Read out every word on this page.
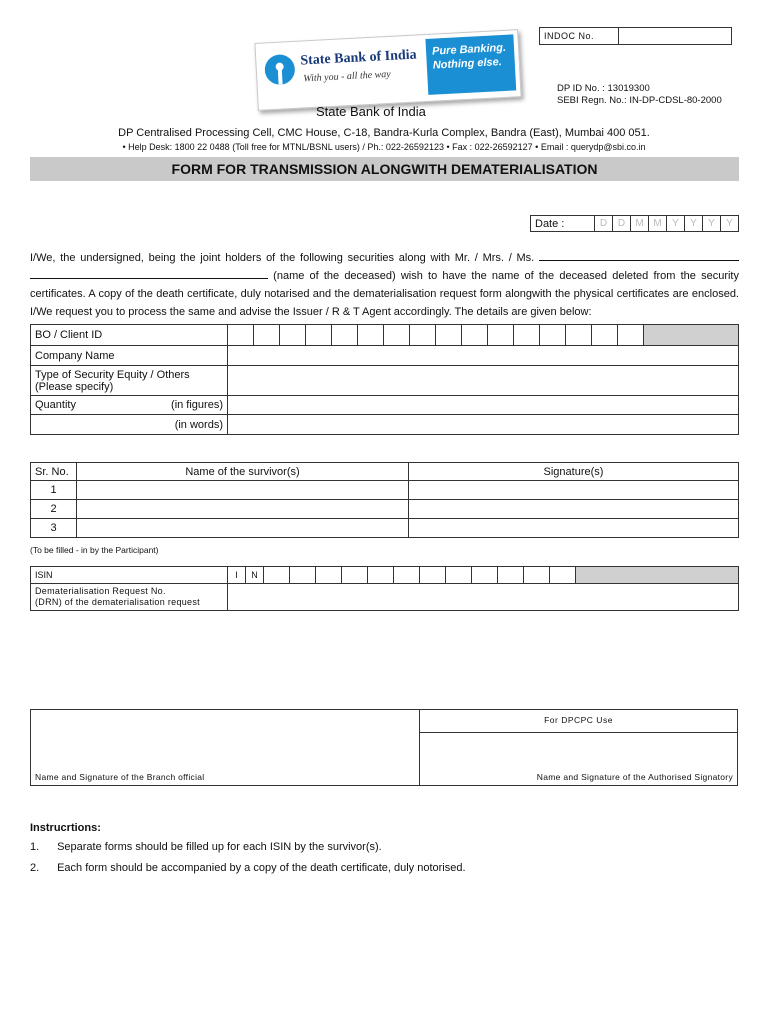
INDOC No.	
State Bank of India
With you - all the way
Pure Banking.
Nothing else.
DP ID No. : 13019300
SEBI Regn. No.: IN-DP-CDSL-80-2000
State Bank of India
DP Centralised Processing Cell, CMC House, C-18, Bandra-Kurla Complex, Bandra (East), Mumbai 400 051.
• Help Desk: 1800 22 0488 (Toll free for MTNL/BSNL users) / Ph.: 022-26592123 • Fax : 022-26592127 • Email : querydp@sbi.co.in
FORM FOR TRANSMISSION ALONGWITH DEMATERIALISATION
Date :	D	D	M	M	Y	Y	Y	Y
I/We, the undersigned, being the joint holders of the following securities along with Mr. / Mrs. / Ms.   (name of the deceased) wish to have the name of the deceased deleted from the security certificates. A copy of the death certificate, duly notarised and the dematerialisation request form alongwith the physical certificates are enclosed. I/We request you to process the same and advise the Issuer / R & T Agent accordingly. The details are given below:
BO / Client ID	

Company Name	

Type of Security Equity / Others
(Please specify)

Quantity	(in figures)

(in words)	
Sr. No.	Name of the survivor(s)	Signature(s)
1		
2		
3		
(To be filled - in by the Participant)
ISIN		I	N													

Dematerialisation Request No.
(DRN) of the dematerialisation request

For DPCPC Use
Name and Signature of the Branch official	Name and Signature of the Authorised Signatory
Instrucrtions:
1. Separate forms should be filled up for each ISIN by the survivor(s).
2. Each form should be accompanied by a copy of the death certificate, duly notorised.
